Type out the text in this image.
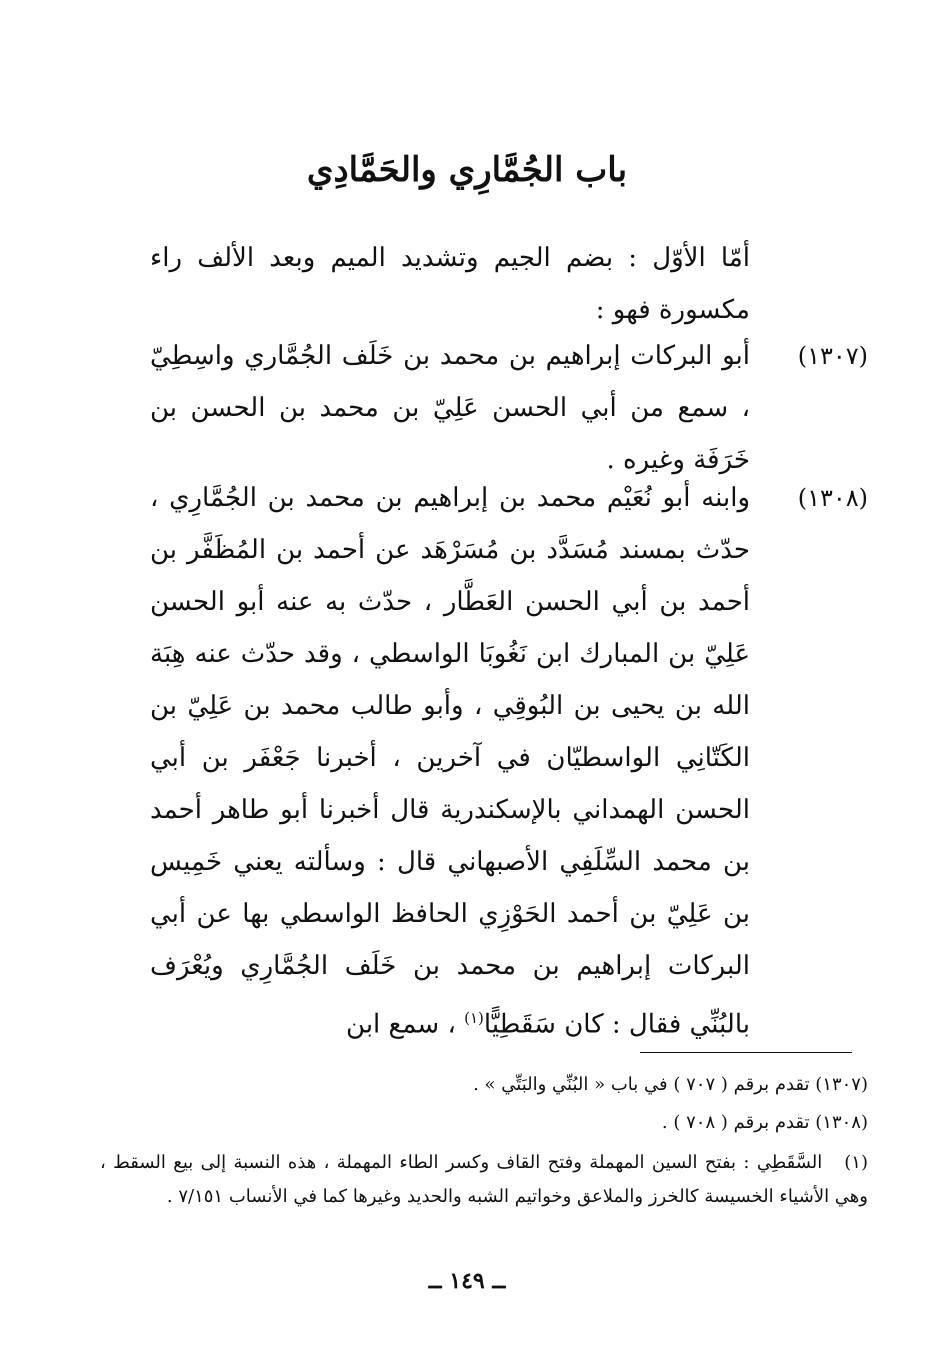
باب الجُمَّارِي والحَمَّادِي
أمّا الأوّل : بضم الجيم وتشديد الميم وبعد الألف راء مكسورة فهو :
(١٣٠٧)
أبو البركات إبراهيم بن محمد بن خَلَف الجُمَّاري واسِطِيّ ، سمع من أبي الحسن عَلِيّ بن محمد بن الحسن بن خَرَفَة وغيره .
(١٣٠٨)
وابنه أبو نُعَيْم محمد بن إبراهيم بن محمد بن الجُمَّارِي ، حدّث بمسند مُسَدَّد بن مُسَرْهَد عن أحمد بن المُظَفَّر بن أحمد بن أبي الحسن العَطَّار ، حدّث به عنه أبو الحسن عَلِيّ بن المبارك ابن نَغُوبَا الواسطي ، وقد حدّث عنه هِبَة الله بن يحيى بن البُوقِي ، وأبو طالب محمد بن عَلِيّ بن الكَتّانِي الواسطيّان في آخرين ، أخبرنا جَعْفَر بن أبي الحسن الهمداني بالإسكندرية قال أخبرنا أبو طاهر أحمد بن محمد السِّلَفِي الأصبهاني قال : وسألته يعني خَمِيس بن عَلِيّ بن أحمد الحَوْزِي الحافظ الواسطي بها عن أبي البركات إبراهيم بن محمد بن خَلَف الجُمَّارِي ويُعْرَف بالبُنِّي فقال : كان سَقَطِيًّا$^{(١)}$ ، سمع ابن
(١٣٠٧) تقدم برقم ( ٧٠٧ ) في باب « البُنِّي والبَتِّي » .
(١٣٠٨) تقدم برقم ( ٧٠٨ ) .
(١)السَّقَطِي : بفتح السين المهملة وفتح القاف وكسر الطاء المهملة ، هذه النسبة إلى بيع السقط ، وهي الأشياء الخسيسة كالخرز والملاعق وخواتيم الشبه والحديد وغيرها كما في الأنساب ٧/١٥١ .
ــ ١٤٩ ــ
